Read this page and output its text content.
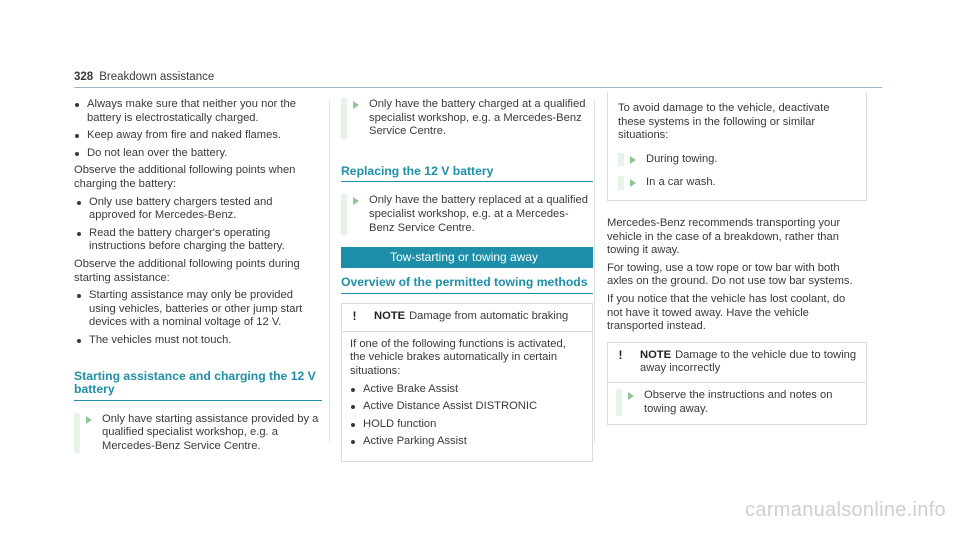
328 Breakdown assistance
Always make sure that neither you nor the battery is electrostatically charged.
Keep away from fire and naked flames.
Do not lean over the battery.

Observe the additional following points when charging the battery:

Only use battery chargers tested and approved for Mercedes-Benz.
Read the battery charger's operating instructions before charging the battery.

Observe the additional following points during starting assistance:

Starting assistance may only be provided using vehicles, batteries or other jump start devices with a nominal voltage of 12 V.
The vehicles must not touch.
Starting assistance and charging the 12 V battery
Only have starting assistance provided by a qualified specialist workshop, e.g. a Mercedes-Benz Service Centre.
Only have the battery charged at a qualified specialist workshop, e.g. a Mercedes-Benz Service Centre.
Replacing the 12 V battery
Only have the battery replaced at a qualified specialist workshop, e.g. at a Mercedes-Benz Service Centre.
Tow-starting or towing away
Overview of the permitted towing methods
! NOTE Damage from automatic braking

If one of the following functions is activated, the vehicle brakes automatically in certain situations:

Active Brake Assist
Active Distance Assist DISTRONIC
HOLD function
Active Parking Assist

To avoid damage to the vehicle, deactivate these systems in the following or similar situations:

During towing.
In a car wash.

Mercedes-Benz recommends transporting your vehicle in the case of a breakdown, rather than towing it away.

For towing, use a tow rope or tow bar with both axles on the ground. Do not use tow bar systems.

If you notice that the vehicle has lost coolant, do not have it towed away. Have the vehicle transported instead.

! NOTE Damage to the vehicle due to towing away incorrectly
Observe the instructions and notes on towing away.
carmanualsonline.info
